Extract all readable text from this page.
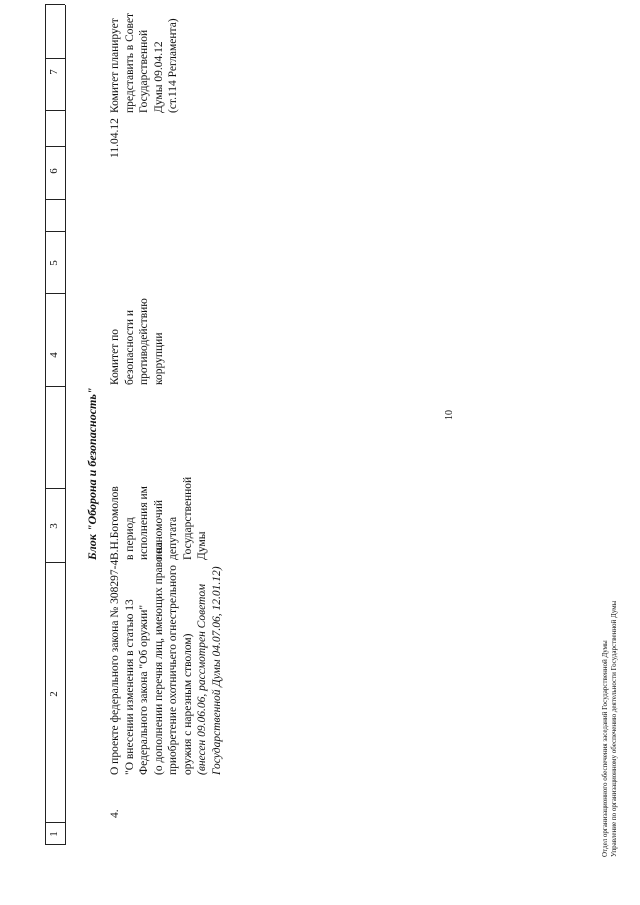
10
1
2
3
4
5
6
7
Блок "Оборона и безопасность"
4.
О проекте федерального закона № 308297-4 "О внесении изменения в статью 13 Федерального закона "Об оружии" (о дополнении перечня лиц, имеющих право на приобретение охотничьего огнестрельного оружия с нарезным стволом) (внесен 09.06.06, рассмотрен Советом Государственной Думы 04.07.06, 12.01.12)
В.Н.Богомолов в период исполнения им полномочий депутата Государственной Думы
Комитет по безопасности и противодействию коррупции
11.04.12
Комитет планирует представить в Совет Государственной Думы 09.04.12 (ст.114 Регламента)
Отдел организационного обеспечения заседаний Государственной Думы Управление по организационному обеспечению деятельности Государственной Думы
